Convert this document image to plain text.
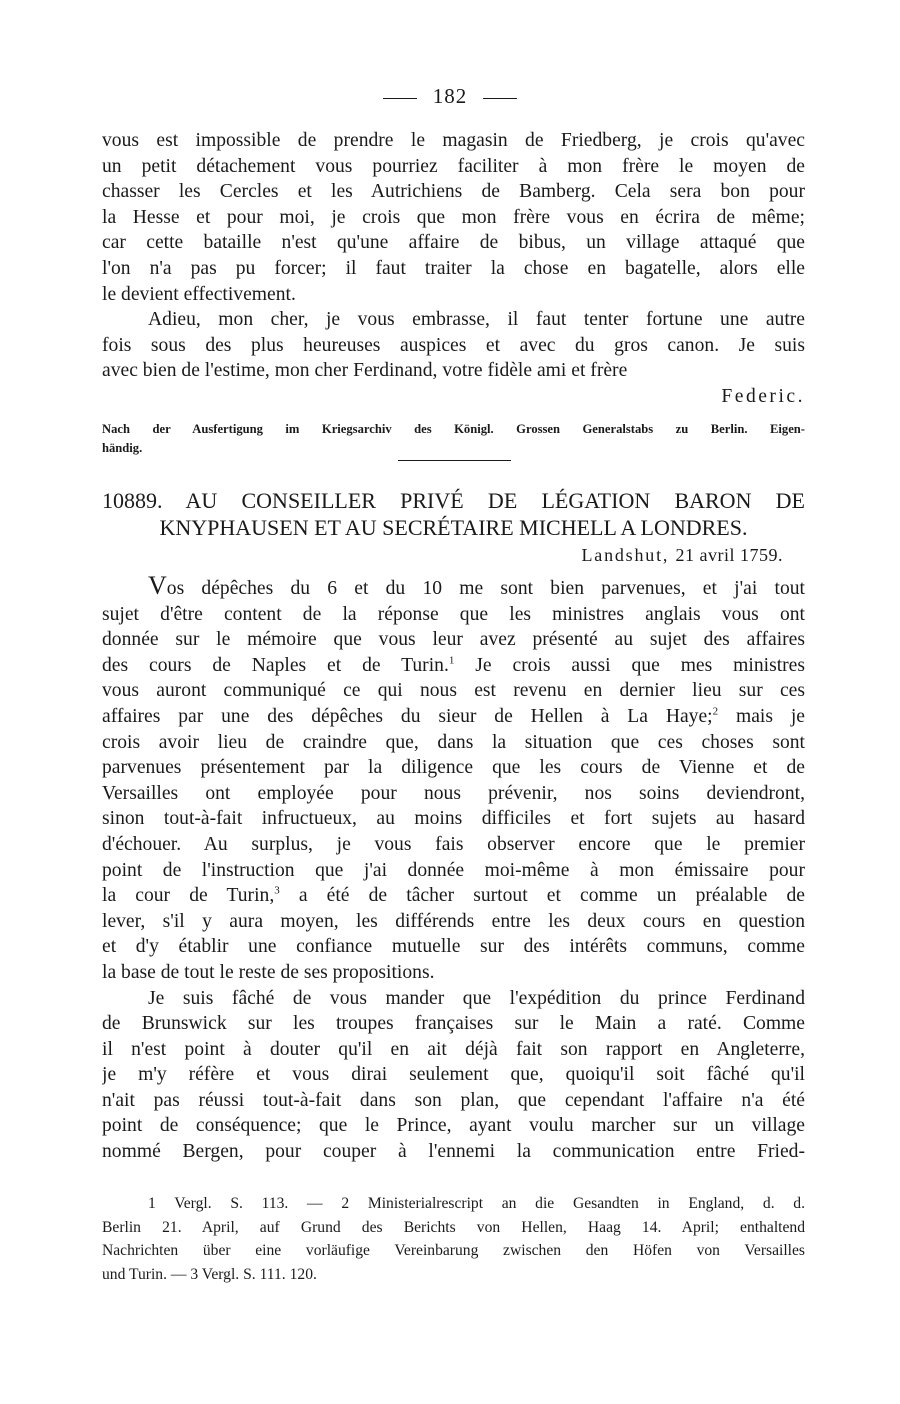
182
vous est impossible de prendre le magasin de Friedberg, je crois qu'avec
un petit détachement vous pourriez faciliter à mon frère le moyen de
chasser les Cercles et les Autrichiens de Bamberg. Cela sera bon pour
la Hesse et pour moi, je crois que mon frère vous en écrira de même;
car cette bataille n'est qu'une affaire de bibus, un village attaqué que
l'on n'a pas pu forcer; il faut traiter la chose en bagatelle, alors elle
le devient effectivement.
Adieu, mon cher, je vous embrasse, il faut tenter fortune une autre
fois sous des plus heureuses auspices et avec du gros canon. Je suis
avec bien de l'estime, mon cher Ferdinand, votre fidèle ami et frère
Federic.
Nach der Ausfertigung im Kriegsarchiv des Königl. Grossen Generalstabs zu Berlin. Eigen-
händig.
10889. AU CONSEILLER PRIVÉ DE LÉGATION BARON DE
KNYPHAUSEN ET AU SECRÉTAIRE MICHELL A LONDRES.
Landshut, 21 avril 1759.
Vos dépêches du 6 et du 10 me sont bien parvenues, et j'ai tout
sujet d'être content de la réponse que les ministres anglais vous ont
donnée sur le mémoire que vous leur avez présenté au sujet des affaires
des cours de Naples et de Turin.$^1$ Je crois aussi que mes ministres
vous auront communiqué ce qui nous est revenu en dernier lieu sur ces
affaires par une des dépêches du sieur de Hellen à La Haye;$^2$ mais je
crois avoir lieu de craindre que, dans la situation que ces choses sont
parvenues présentement par la diligence que les cours de Vienne et de
Versailles ont employée pour nous prévenir, nos soins deviendront,
sinon tout-à-fait infructueux, au moins difficiles et fort sujets au hasard
d'échouer. Au surplus, je vous fais observer encore que le premier
point de l'instruction que j'ai donnée moi-même à mon émissaire pour
la cour de Turin,$^3$ a été de tâcher surtout et comme un préalable de
lever, s'il y aura moyen, les différends entre les deux cours en question
et d'y établir une confiance mutuelle sur des intérêts communs, comme
la base de tout le reste de ses propositions.
Je suis fâché de vous mander que l'expédition du prince Ferdinand
de Brunswick sur les troupes françaises sur le Main a raté. Comme
il n'est point à douter qu'il en ait déjà fait son rapport en Angleterre,
je m'y réfère et vous dirai seulement que, quoiqu'il soit fâché qu'il
n'ait pas réussi tout-à-fait dans son plan, que cependant l'affaire n'a été
point de conséquence; que le Prince, ayant voulu marcher sur un village
nommé Bergen, pour couper à l'ennemi la communication entre Fried-
1 Vergl. S. 113. — 2 Ministerialrescript an die Gesandten in England, d. d.
Berlin 21. April, auf Grund des Berichts von Hellen, Haag 14. April; enthaltend
Nachrichten über eine vorläufige Vereinbarung zwischen den Höfen von Versailles
und Turin. — 3 Vergl. S. 111. 120.
